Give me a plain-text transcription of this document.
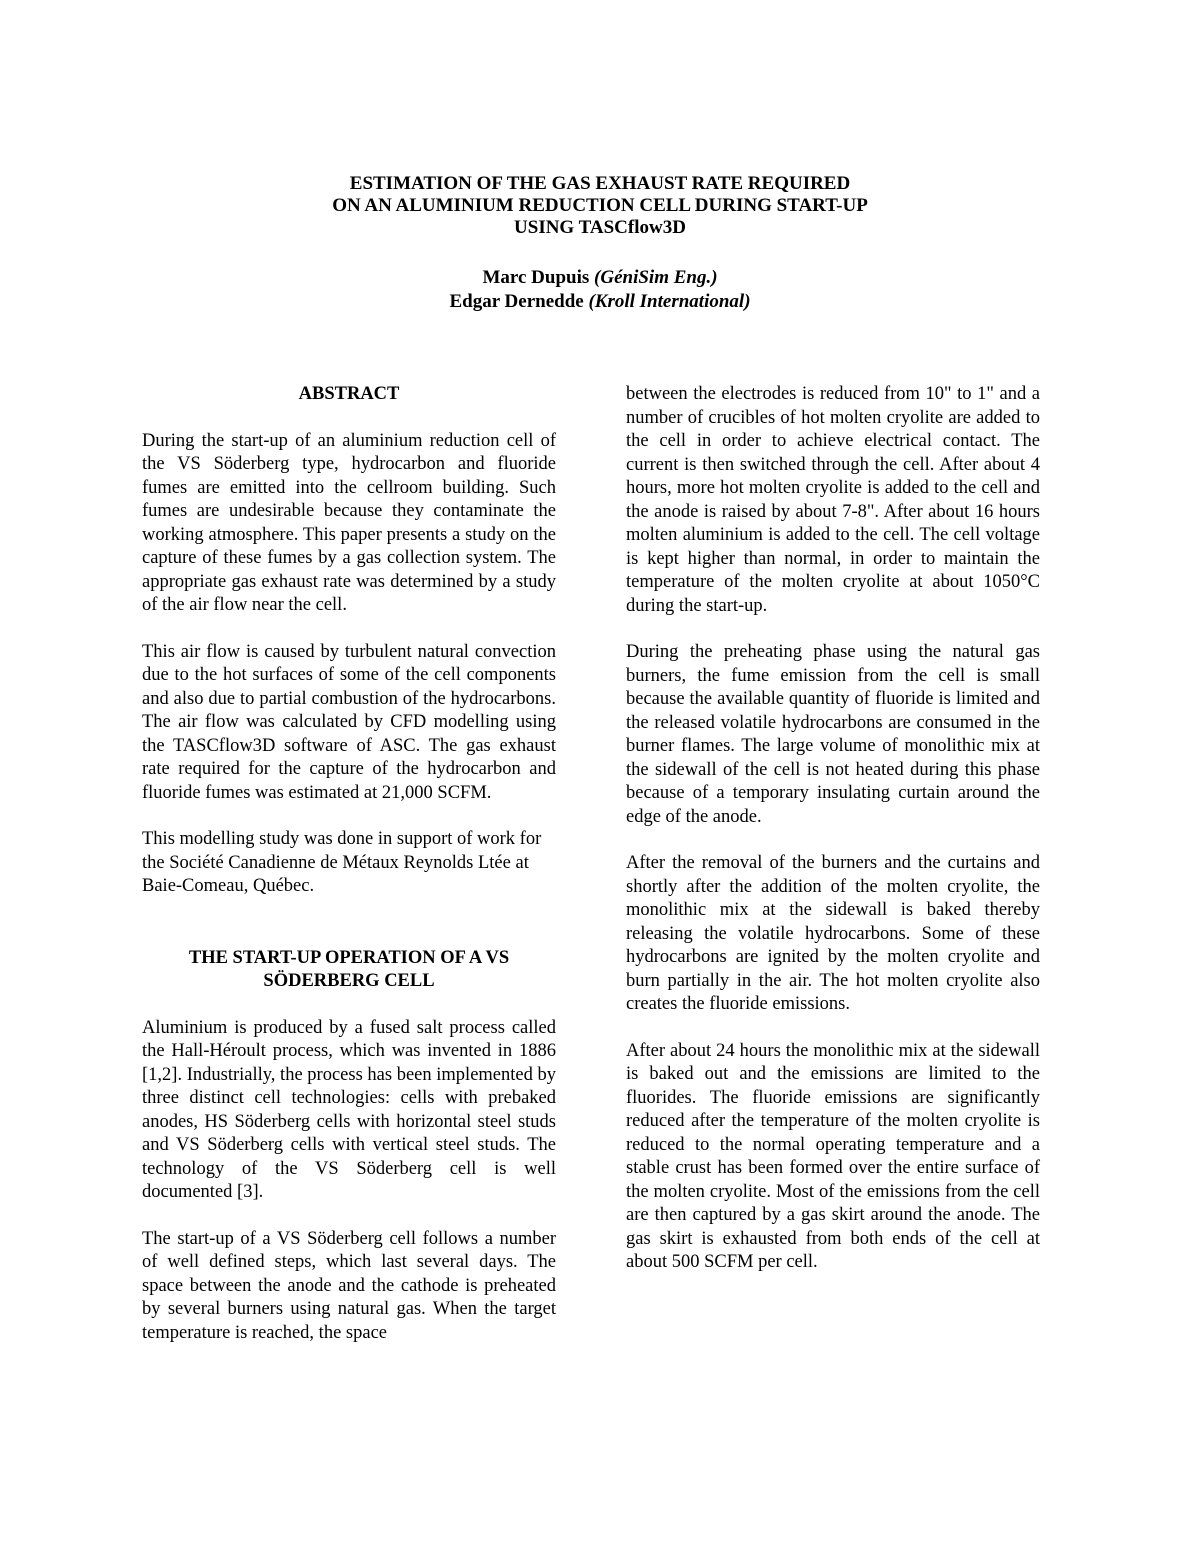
ESTIMATION OF THE GAS EXHAUST RATE REQUIRED
ON AN ALUMINIUM REDUCTION CELL DURING START-UP
USING TASCflow3D
Marc Dupuis (GéniSim Eng.)
Edgar Dernedde (Kroll International)

ABSTRACT

During the start-up of an aluminium reduction cell of the VS Söderberg type, hydrocarbon and fluoride fumes are emitted into the cellroom building. Such fumes are undesirable because they contaminate the working atmosphere. This paper presents a study on the capture of these fumes by a gas collection system. The appropriate gas exhaust rate was determined by a study of the air flow near the cell.

This air flow is caused by turbulent natural convection due to the hot surfaces of some of the cell components and also due to partial combustion of the hydrocarbons. The air flow was calculated by CFD modelling using the TASCflow3D software of ASC. The gas exhaust rate required for the capture of the hydrocarbon and fluoride fumes was estimated at 21,000 SCFM.

This modelling study was done in support of work for the Société Canadienne de Métaux Reynolds Ltée at Baie-Comeau, Québec.

THE START-UP OPERATION OF A VS

SÖDERBERG CELL

Aluminium is produced by a fused salt process called the Hall-Héroult process, which was invented in 1886 [1,2]. Industrially, the process has been implemented by three distinct cell technologies: cells with prebaked anodes, HS Söderberg cells with horizontal steel studs and VS Söderberg cells with vertical steel studs. The technology of the VS Söderberg cell is well documented [3].

The start-up of a VS Söderberg cell follows a number of well defined steps, which last several days. The space between the anode and the cathode is preheated by several burners using natural gas. When the target temperature is reached, the space

between the electrodes is reduced from 10" to 1" and a number of crucibles of hot molten cryolite are added to the cell in order to achieve electrical contact. The current is then switched through the cell. After about 4 hours, more hot molten cryolite is added to the cell and the anode is raised by about 7-8". After about 16 hours molten aluminium is added to the cell. The cell voltage is kept higher than normal, in order to maintain the temperature of the molten cryolite at about 1050°C during the start-up.

During the preheating phase using the natural gas burners, the fume emission from the cell is small because the available quantity of fluoride is limited and the released volatile hydrocarbons are consumed in the burner flames. The large volume of monolithic mix at the sidewall of the cell is not heated during this phase because of a temporary insulating curtain around the edge of the anode.

After the removal of the burners and the curtains and shortly after the addition of the molten cryolite, the monolithic mix at the sidewall is baked thereby releasing the volatile hydrocarbons. Some of these hydrocarbons are ignited by the molten cryolite and burn partially in the air. The hot molten cryolite also creates the fluoride emissions.

After about 24 hours the monolithic mix at the sidewall is baked out and the emissions are limited to the fluorides. The fluoride emissions are significantly reduced after the temperature of the molten cryolite is reduced to the normal operating temperature and a stable crust has been formed over the entire surface of the molten cryolite. Most of the emissions from the cell are then captured by a gas skirt around the anode. The gas skirt is exhausted from both ends of the cell at about 500 SCFM per cell.
